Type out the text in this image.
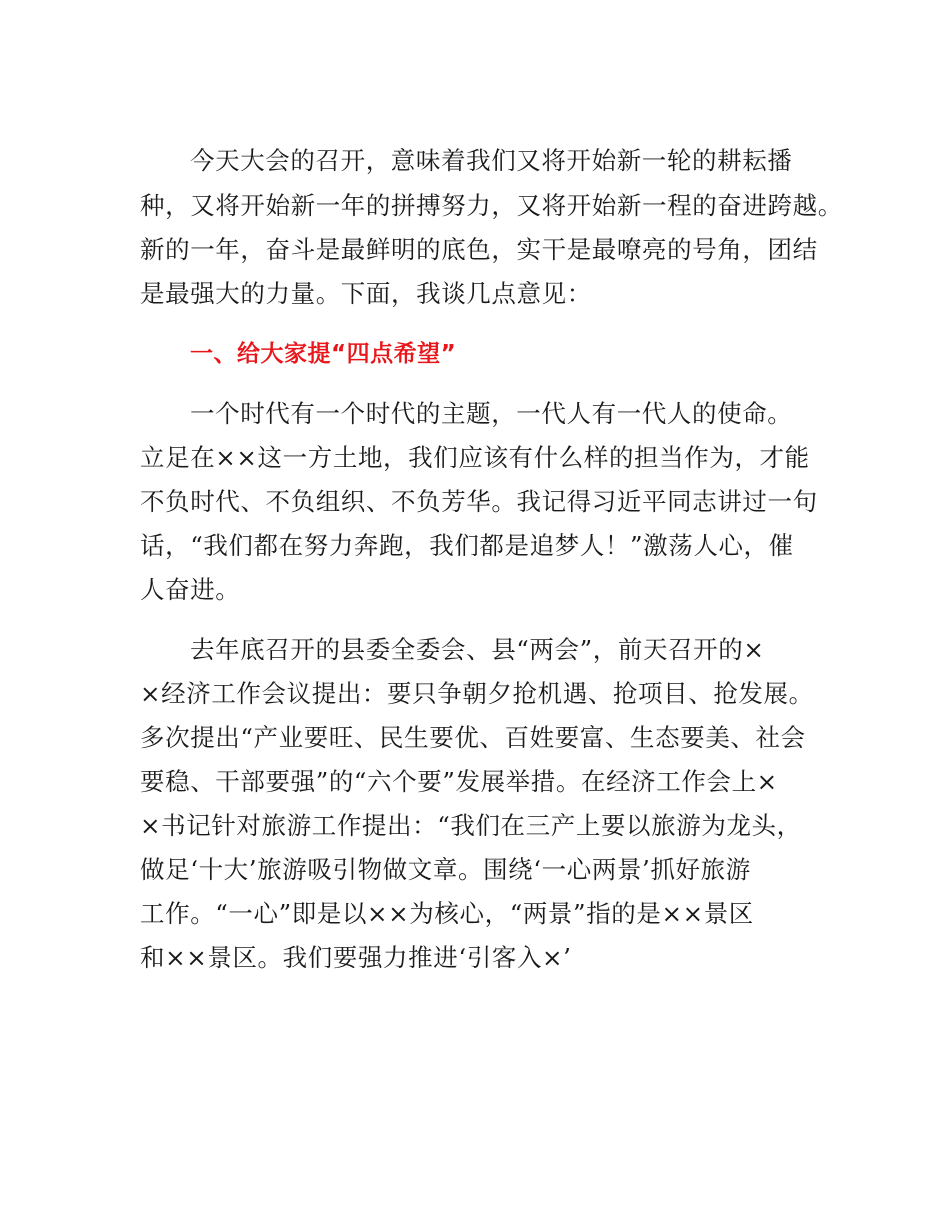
今天大会的召开，意味着我们又将开始新一轮的耕耘播
种，又将开始新一年的拼搏努力，又将开始新一程的奋进跨越。
新的一年，奋斗是最鲜明的底色，实干是最嘹亮的号角，团结
是最强大的力量。下面，我谈几点意见：
一、给大家提“四点希望”
一个时代有一个时代的主题，一代人有一代人的使命。
立足在××这一方土地，我们应该有什么样的担当作为，才能
不负时代、不负组织、不负芳华。我记得习近平同志讲过一句
话，“我们都在努力奔跑，我们都是追梦人！”激荡人心，催
人奋进。
去年底召开的县委全委会、县“两会”，前天召开的×
×经济工作会议提出：要只争朝夕抢机遇、抢项目、抢发展。
多次提出“产业要旺、民生要优、百姓要富、生态要美、社会
要稳、干部要强”的“六个要”发展举措。在经济工作会上×
×书记针对旅游工作提出：“我们在三产上要以旅游为龙头，
做足‘十大’旅游吸引物做文章。围绕‘一心两景’抓好旅游
工作。“一心”即是以××为核心，“两景”指的是××景区
和××景区。我们要强力推进‘引客入×’
